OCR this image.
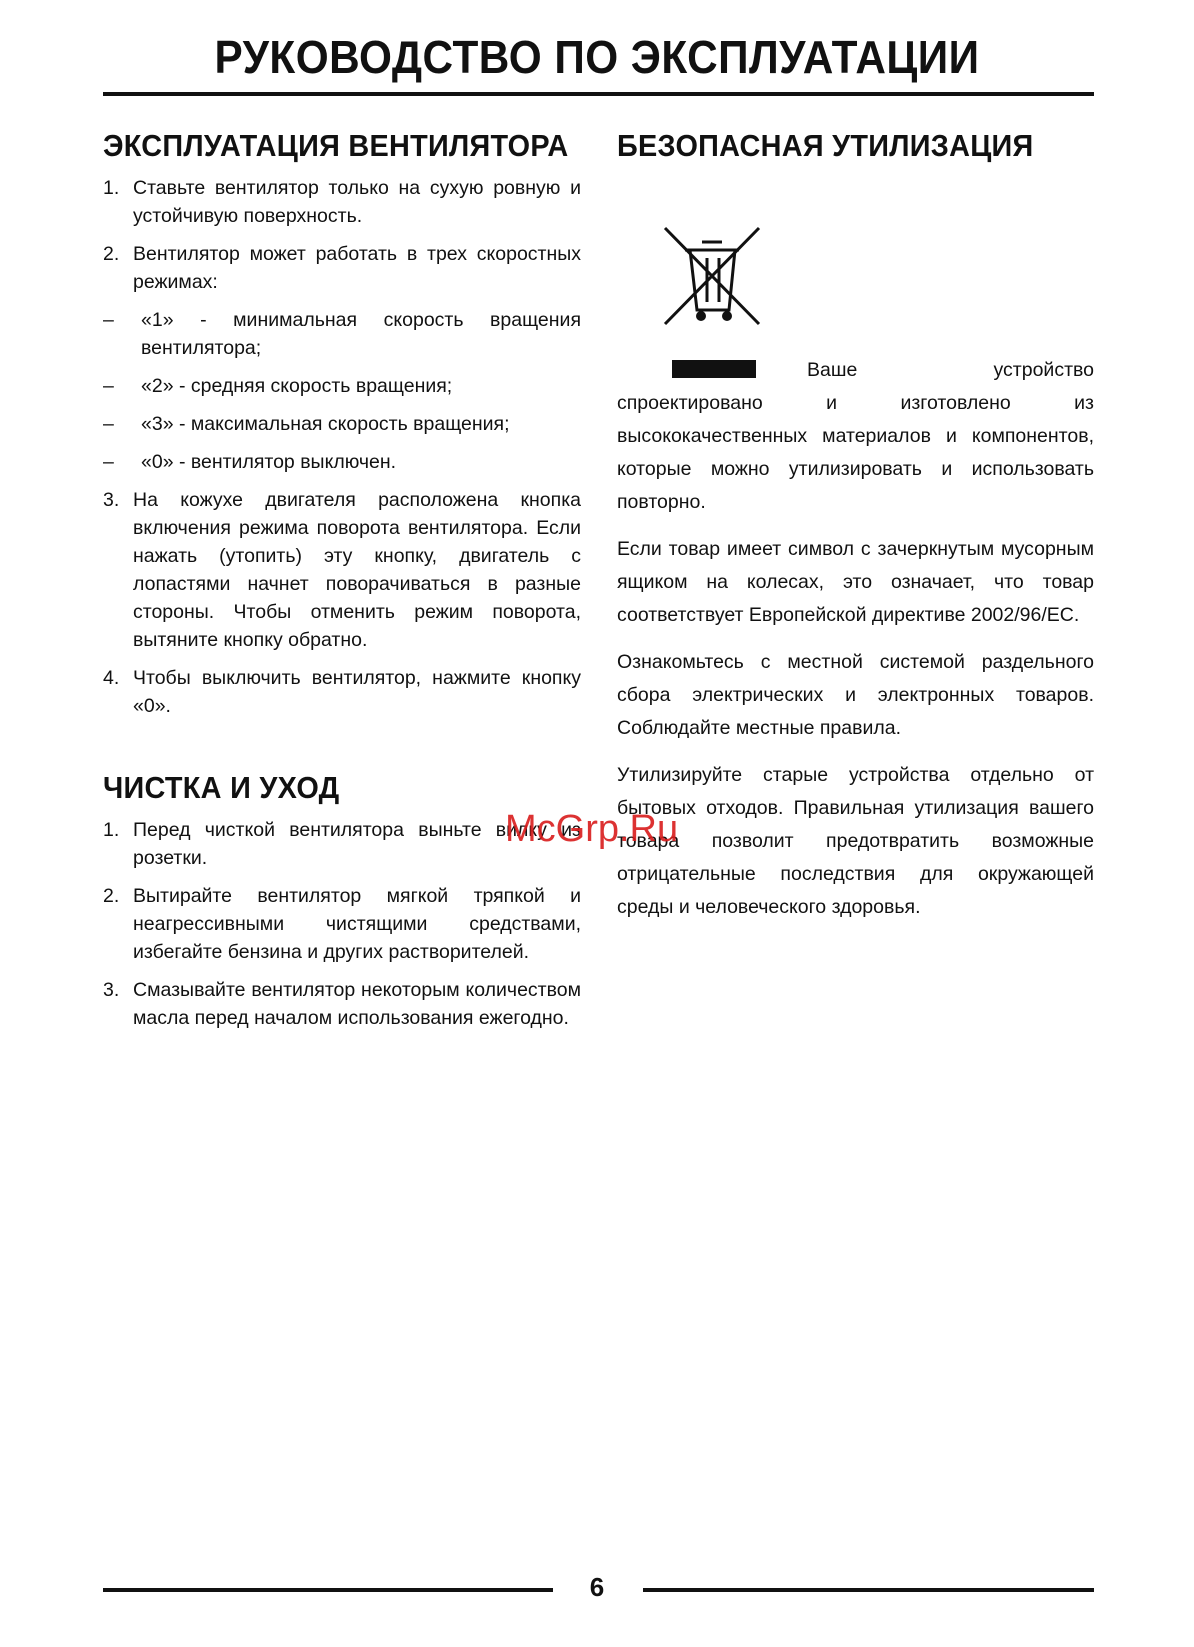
РУКОВОДСТВО ПО ЭКСПЛУАТАЦИИ
ЭКСПЛУАТАЦИЯ ВЕНТИЛЯТОРА
1. Ставьте вентилятор только на сухую ровную и устойчивую поверхность.
2. Вентилятор может работать в трех скоростных режимах:
–	«1» - минимальная скорость вращения вентилятора;
–	«2» - средняя скорость вращения;
–	«3» - максимальная скорость вращения;
–	«0» - вентилятор выключен.
3. На кожухе двигателя расположена кнопка включения режима поворота вентилятора. Если нажать (утопить) эту кнопку, двигатель с лопастями начнет поворачиваться в разные стороны. Чтобы отменить режим поворота, вытяните кнопку обратно.
4. Чтобы выключить вентилятор, нажмите кнопку «0».
ЧИСТКА И УХОД
1. Перед чисткой вентилятора выньте вилку из розетки.
2. Вытирайте вентилятор мягкой тряпкой и неагрессивными чистящими средствами, избегайте бензина и других растворителей.
3. Смазывайте вентилятор некоторым количеством масла перед началом использования ежегодно.
БЕЗОПАСНАЯ УТИЛИЗАЦИЯ

Ваше устройство спроектировано и изготовлено из высококачественных материалов и компонентов, которые можно утилизировать и использовать повторно.

Если товар имеет символ с зачеркнутым мусорным ящиком на колесах, это означает, что товар соответствует Европейской директиве 2002/96/EC.

Ознакомьтесь с местной системой раздельного сбора электрических и электронных товаров. Соблюдайте местные правила.

Утилизируйте старые устройства отдельно от бытовых отходов. Правильная утилизация вашего товара позволит предотвратить возможные отрицательные последствия для окружающей среды и человеческого здоровья.

McGrp.Ru
6
